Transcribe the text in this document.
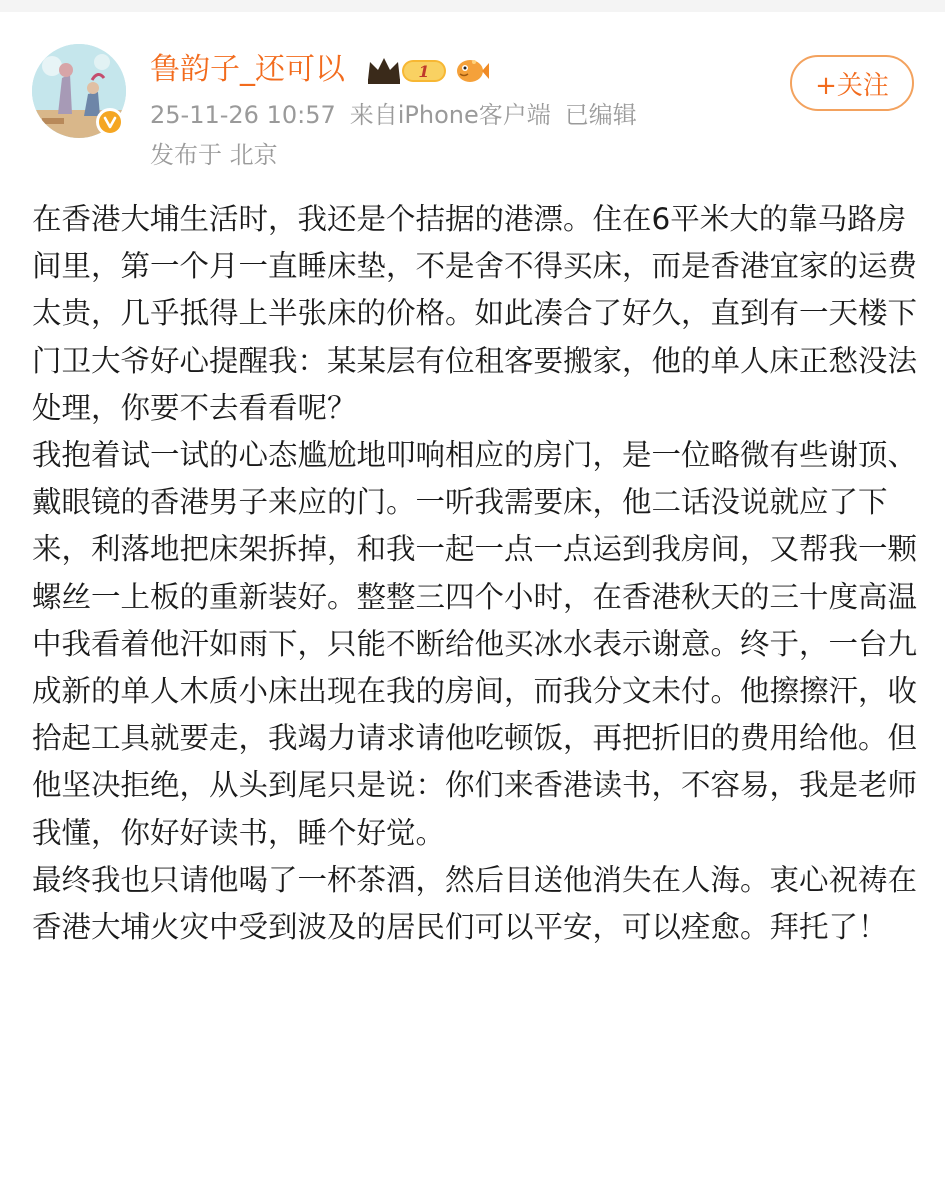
鲁韵子_还可以	1
25-11-26 10:57 来自iPhone客户端 已编辑
发布于 北京
+关注

在香港大埔生活时，我还是个拮据的港漂。住在6平米大的靠马路房间里，第一个月一直睡床垫，不是舍不得买床，而是香港宜家的运费太贵，几乎抵得上半张床的价格。如此凑合了好久，直到有一天楼下门卫大爷好心提醒我：某某层有位租客要搬家，他的单人床正愁没法处理，你要不去看看呢？

我抱着试一试的心态尴尬地叩响相应的房门，是一位略微有些谢顶、戴眼镜的香港男子来应的门。一听我需要床，他二话没说就应了下来，利落地把床架拆掉，和我一起一点一点运到我房间，又帮我一颗螺丝一上板的重新装好。整整三四个小时，在香港秋天的三十度高温中我看着他汗如雨下，只能不断给他买冰水表示谢意。终于，一台九成新的单人木质小床出现在我的房间，而我分文未付。他擦擦汗，收拾起工具就要走，我竭力请求请他吃顿饭，再把折旧的费用给他。但他坚决拒绝，从头到尾只是说：你们来香港读书，不容易，我是老师我懂，你好好读书，睡个好觉。

最终我也只请他喝了一杯茶酒，然后目送他消失在人海。衷心祝祷在香港大埔火灾中受到波及的居民们可以平安，可以痊愈。拜托了！
